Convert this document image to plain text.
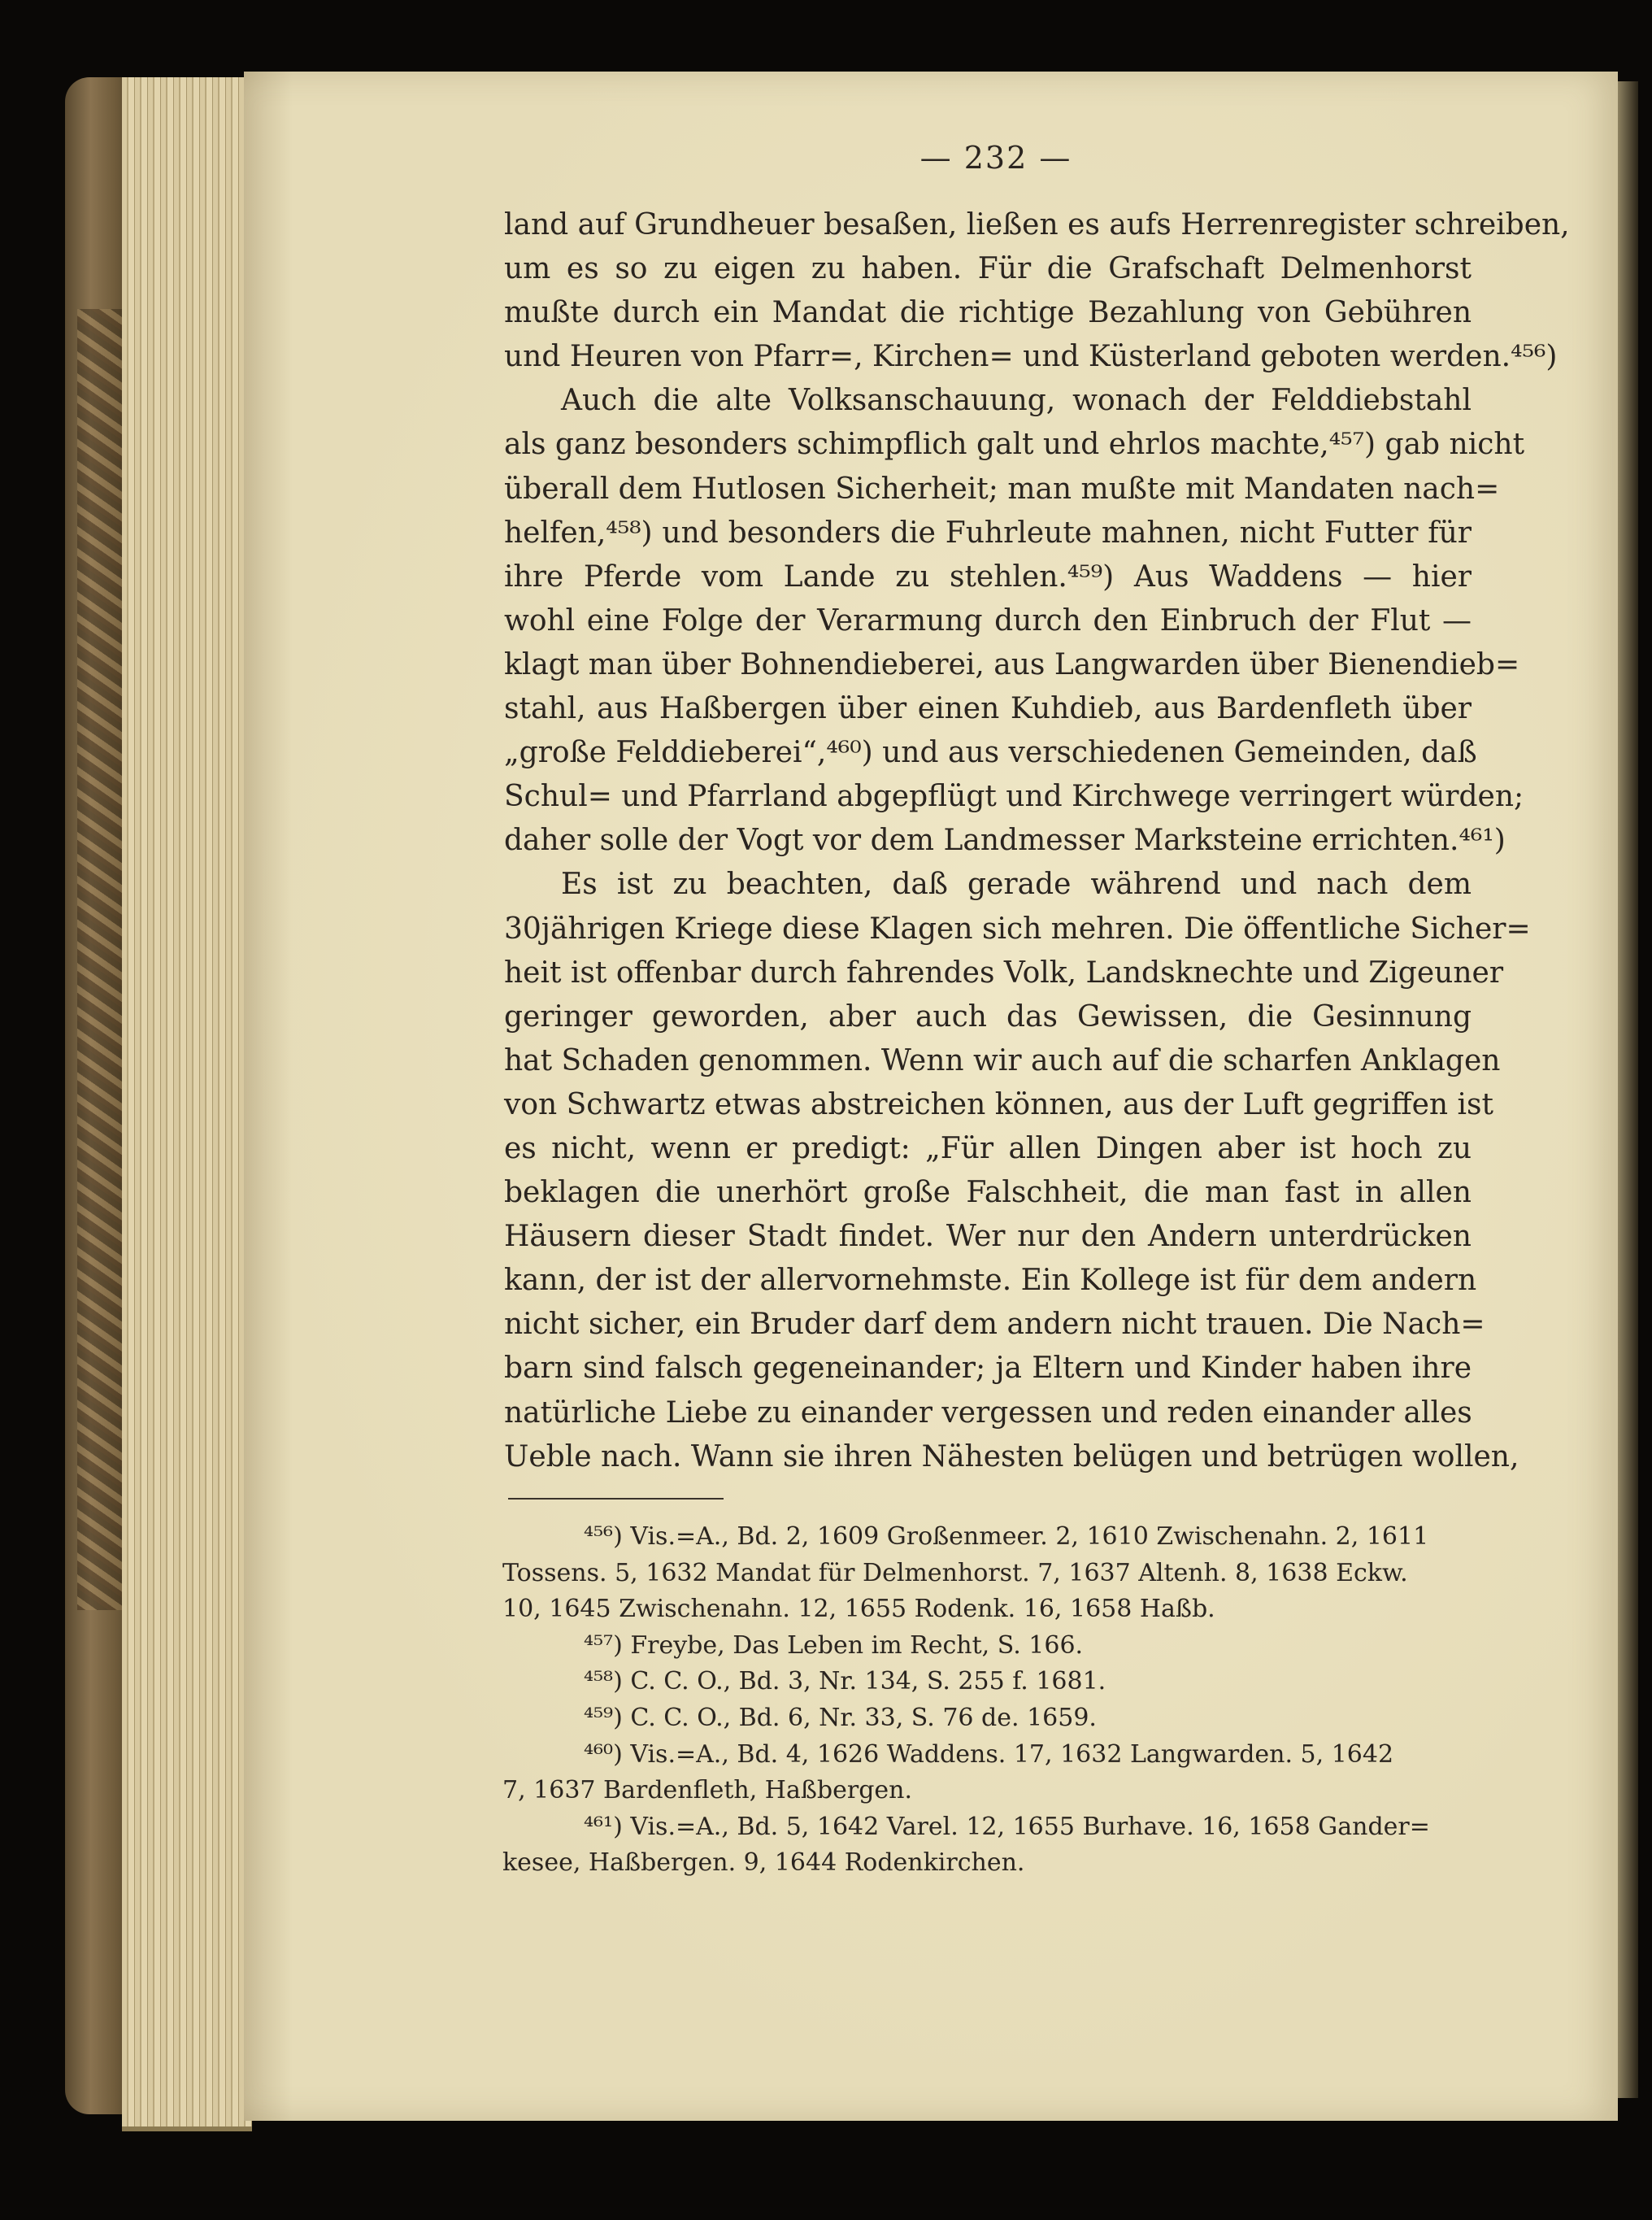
— 232 —
land auf Grundheuer besaßen, ließen es aufs Herrenregister schreiben,
um es so zu eigen zu haben. Für die Grafschaft Delmenhorst
mußte durch ein Mandat die richtige Bezahlung von Gebühren
und Heuren von Pfarr=, Kirchen= und Küsterland geboten werden.⁴⁵⁶)
Auch die alte Volksanschauung, wonach der Felddiebstahl
als ganz besonders schimpflich galt und ehrlos machte,⁴⁵⁷) gab nicht
überall dem Hutlosen Sicherheit; man mußte mit Mandaten nach=
helfen,⁴⁵⁸) und besonders die Fuhrleute mahnen, nicht Futter für
ihre Pferde vom Lande zu stehlen.⁴⁵⁹) Aus Waddens — hier
wohl eine Folge der Verarmung durch den Einbruch der Flut —
klagt man über Bohnendieberei, aus Langwarden über Bienendieb=
stahl, aus Haßbergen über einen Kuhdieb, aus Bardenfleth über
„große Felddieberei“,⁴⁶⁰) und aus verschiedenen Gemeinden, daß
Schul= und Pfarrland abgepflügt und Kirchwege verringert würden;
daher solle der Vogt vor dem Landmesser Marksteine errichten.⁴⁶¹)
Es ist zu beachten, daß gerade während und nach dem
30jährigen Kriege diese Klagen sich mehren. Die öffentliche Sicher=
heit ist offenbar durch fahrendes Volk, Landsknechte und Zigeuner
geringer geworden, aber auch das Gewissen, die Gesinnung
hat Schaden genommen. Wenn wir auch auf die scharfen Anklagen
von Schwartz etwas abstreichen können, aus der Luft gegriffen ist
es nicht, wenn er predigt: „Für allen Dingen aber ist hoch zu
beklagen die unerhört große Falschheit, die man fast in allen
Häusern dieser Stadt findet. Wer nur den Andern unterdrücken
kann, der ist der allervornehmste. Ein Kollege ist für dem andern
nicht sicher, ein Bruder darf dem andern nicht trauen. Die Nach=
barn sind falsch gegeneinander; ja Eltern und Kinder haben ihre
natürliche Liebe zu einander vergessen und reden einander alles
Ueble nach. Wann sie ihren Nähesten belügen und betrügen wollen,
⁴⁵⁶) Vis.=A., Bd. 2, 1609 Großenmeer. 2, 1610 Zwischenahn. 2, 1611
Tossens. 5, 1632 Mandat für Delmenhorst. 7, 1637 Altenh. 8, 1638 Eckw.
10, 1645 Zwischenahn. 12, 1655 Rodenk. 16, 1658 Haßb.
⁴⁵⁷) Freybe, Das Leben im Recht, S. 166.
⁴⁵⁸) C. C. O., Bd. 3, Nr. 134, S. 255 f. 1681.
⁴⁵⁹) C. C. O., Bd. 6, Nr. 33, S. 76 de. 1659.
⁴⁶⁰) Vis.=A., Bd. 4, 1626 Waddens. 17, 1632 Langwarden. 5, 1642
7, 1637 Bardenfleth, Haßbergen.
⁴⁶¹) Vis.=A., Bd. 5, 1642 Varel. 12, 1655 Burhave. 16, 1658 Gander=
kesee, Haßbergen. 9, 1644 Rodenkirchen.
